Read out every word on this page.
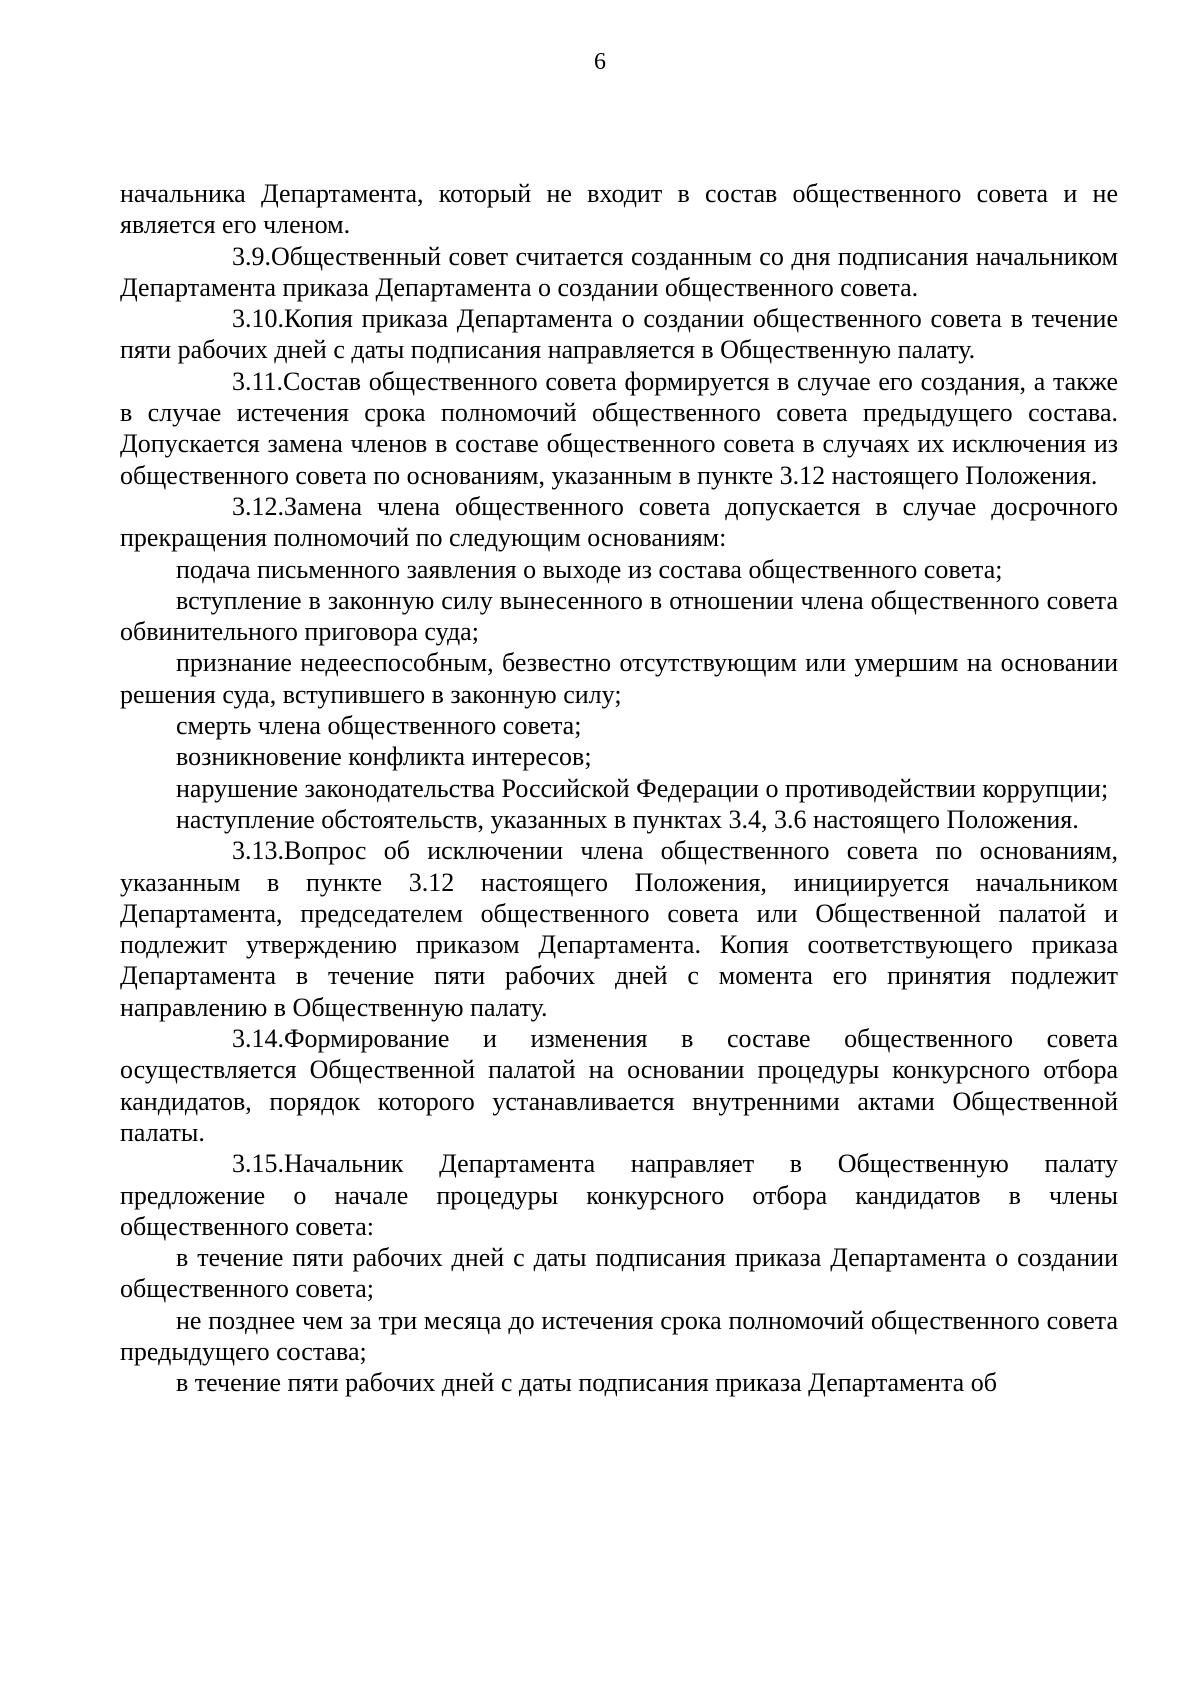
6

начальника Департамента, который не входит в состав общественного совета и не является его членом.

3.9.Общественный совет считается созданным со дня подписания начальником Департамента приказа Департамента о создании общественного совета.

3.10.Копия приказа Департамента о создании общественного совета в течение пяти рабочих дней с даты подписания направляется в Общественную палату.

3.11.Состав общественного совета формируется в случае его создания, а также в случае истечения срока полномочий общественного совета предыдущего состава. Допускается замена членов в составе общественного совета в случаях их исключения из общественного совета по основаниям, указанным в пункте 3.12 настоящего Положения.

3.12.Замена члена общественного совета допускается в случае досрочного прекращения полномочий по следующим основаниям:

подача письменного заявления о выходе из состава общественного совета;

вступление в законную силу вынесенного в отношении члена общественного совета обвинительного приговора суда;

признание недееспособным, безвестно отсутствующим или умершим на основании решения суда, вступившего в законную силу;

смерть члена общественного совета;

возникновение конфликта интересов;

нарушение законодательства Российской Федерации о противодействии коррупции;

наступление обстоятельств, указанных в пунктах 3.4, 3.6 настоящего Положения.

3.13.Вопрос об исключении члена общественного совета по основаниям, указанным в пункте 3.12 настоящего Положения, инициируется начальником Департамента, председателем общественного совета или Общественной палатой и подлежит утверждению приказом Департамента. Копия соответствующего приказа Департамента в течение пяти рабочих дней с момента его принятия подлежит направлению в Общественную палату.

3.14.Формирование и изменения в составе общественного совета осуществляется Общественной палатой на основании процедуры конкурсного отбора кандидатов, порядок которого устанавливается внутренними актами Общественной палаты.

3.15.Начальник Департамента направляет в Общественную палату предложение о начале процедуры конкурсного отбора кандидатов в члены общественного совета:

в течение пяти рабочих дней с даты подписания приказа Департамента о создании общественного совета;

не позднее чем за три месяца до истечения срока полномочий общественного совета предыдущего состава;

в течение пяти рабочих дней с даты подписания приказа Департамента об
